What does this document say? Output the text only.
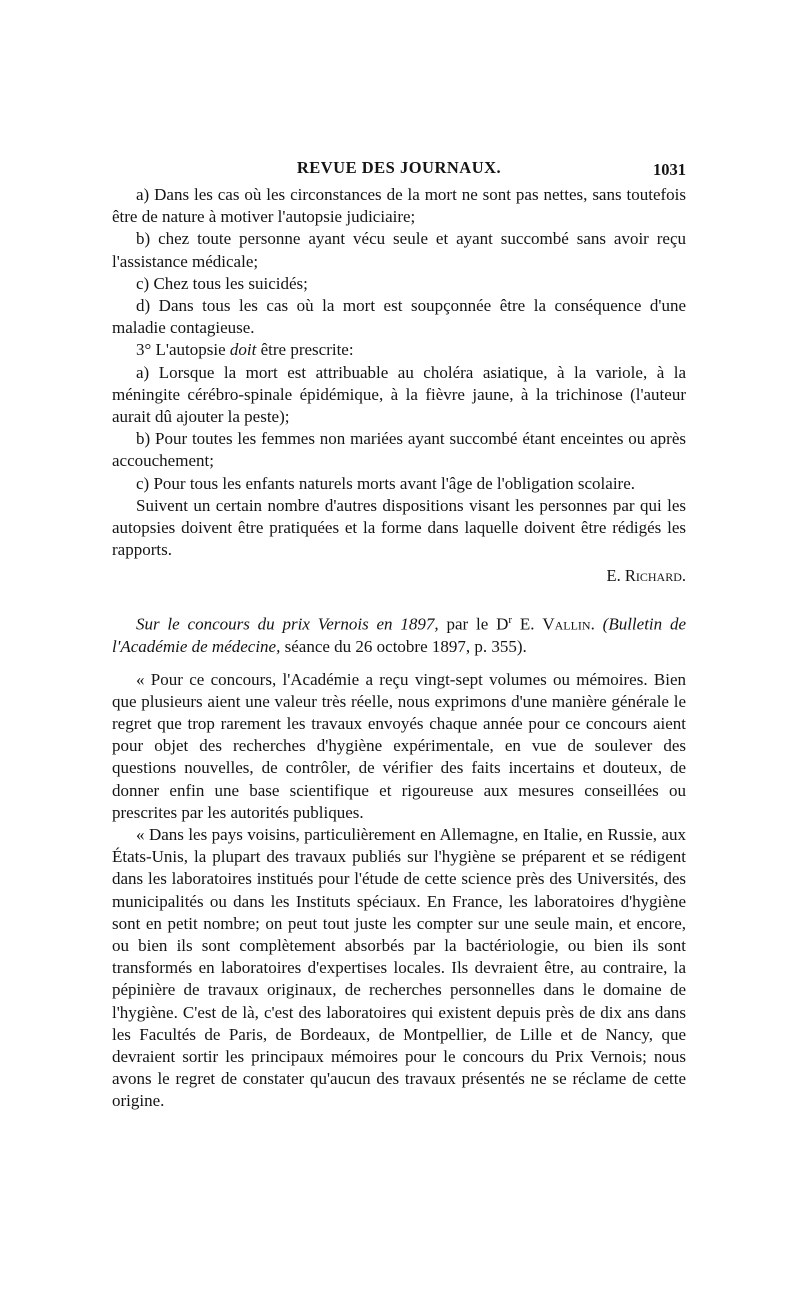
REVUE DES JOURNAUX.	1031

a) Dans les cas où les circonstances de la mort ne sont pas nettes, sans toutefois être de nature à motiver l'autopsie judiciaire;

b) chez toute personne ayant vécu seule et ayant succombé sans avoir reçu l'assistance médicale;

c) Chez tous les suicidés;

d) Dans tous les cas où la mort est soupçonnée être la conséquence d'une maladie contagieuse.

3° L'autopsie doit être prescrite:

a) Lorsque la mort est attribuable au choléra asiatique, à la variole, à la méningite cérébro-spinale épidémique, à la fièvre jaune, à la trichinose (l'auteur aurait dû ajouter la peste);

b) Pour toutes les femmes non mariées ayant succombé étant enceintes ou après accouchement;

c) Pour tous les enfants naturels morts avant l'âge de l'obligation scolaire.

Suivent un certain nombre d'autres dispositions visant les personnes par qui les autopsies doivent être pratiquées et la forme dans laquelle doivent être rédigés les rapports.

E. Richard.

Sur le concours du prix Vernois en 1897, par le $D^r$ E. Vallin. (Bulletin de l'Académie de médecine, séance du 26 octobre 1897, p. 355).

« Pour ce concours, l'Académie a reçu vingt-sept volumes ou mémoires. Bien que plusieurs aient une valeur très réelle, nous exprimons d'une manière générale le regret que trop rarement les travaux envoyés chaque année pour ce concours aient pour objet des recherches d'hygiène expérimentale, en vue de soulever des questions nouvelles, de contrôler, de vérifier des faits incertains et douteux, de donner enfin une base scientifique et rigoureuse aux mesures conseillées ou prescrites par les autorités publiques.

« Dans les pays voisins, particulièrement en Allemagne, en Italie, en Russie, aux États-Unis, la plupart des travaux publiés sur l'hygiène se préparent et se rédigent dans les laboratoires institués pour l'étude de cette science près des Universités, des municipalités ou dans les Instituts spéciaux. En France, les laboratoires d'hygiène sont en petit nombre; on peut tout juste les compter sur une seule main, et encore, ou bien ils sont complètement absorbés par la bactériologie, ou bien ils sont transformés en laboratoires d'expertises locales. Ils devraient être, au contraire, la pépinière de travaux originaux, de recherches personnelles dans le domaine de l'hygiène. C'est de là, c'est des laboratoires qui existent depuis près de dix ans dans les Facultés de Paris, de Bordeaux, de Montpellier, de Lille et de Nancy, que devraient sortir les principaux mémoires pour le concours du Prix Vernois; nous avons le regret de constater qu'aucun des travaux présentés ne se réclame de cette origine.
